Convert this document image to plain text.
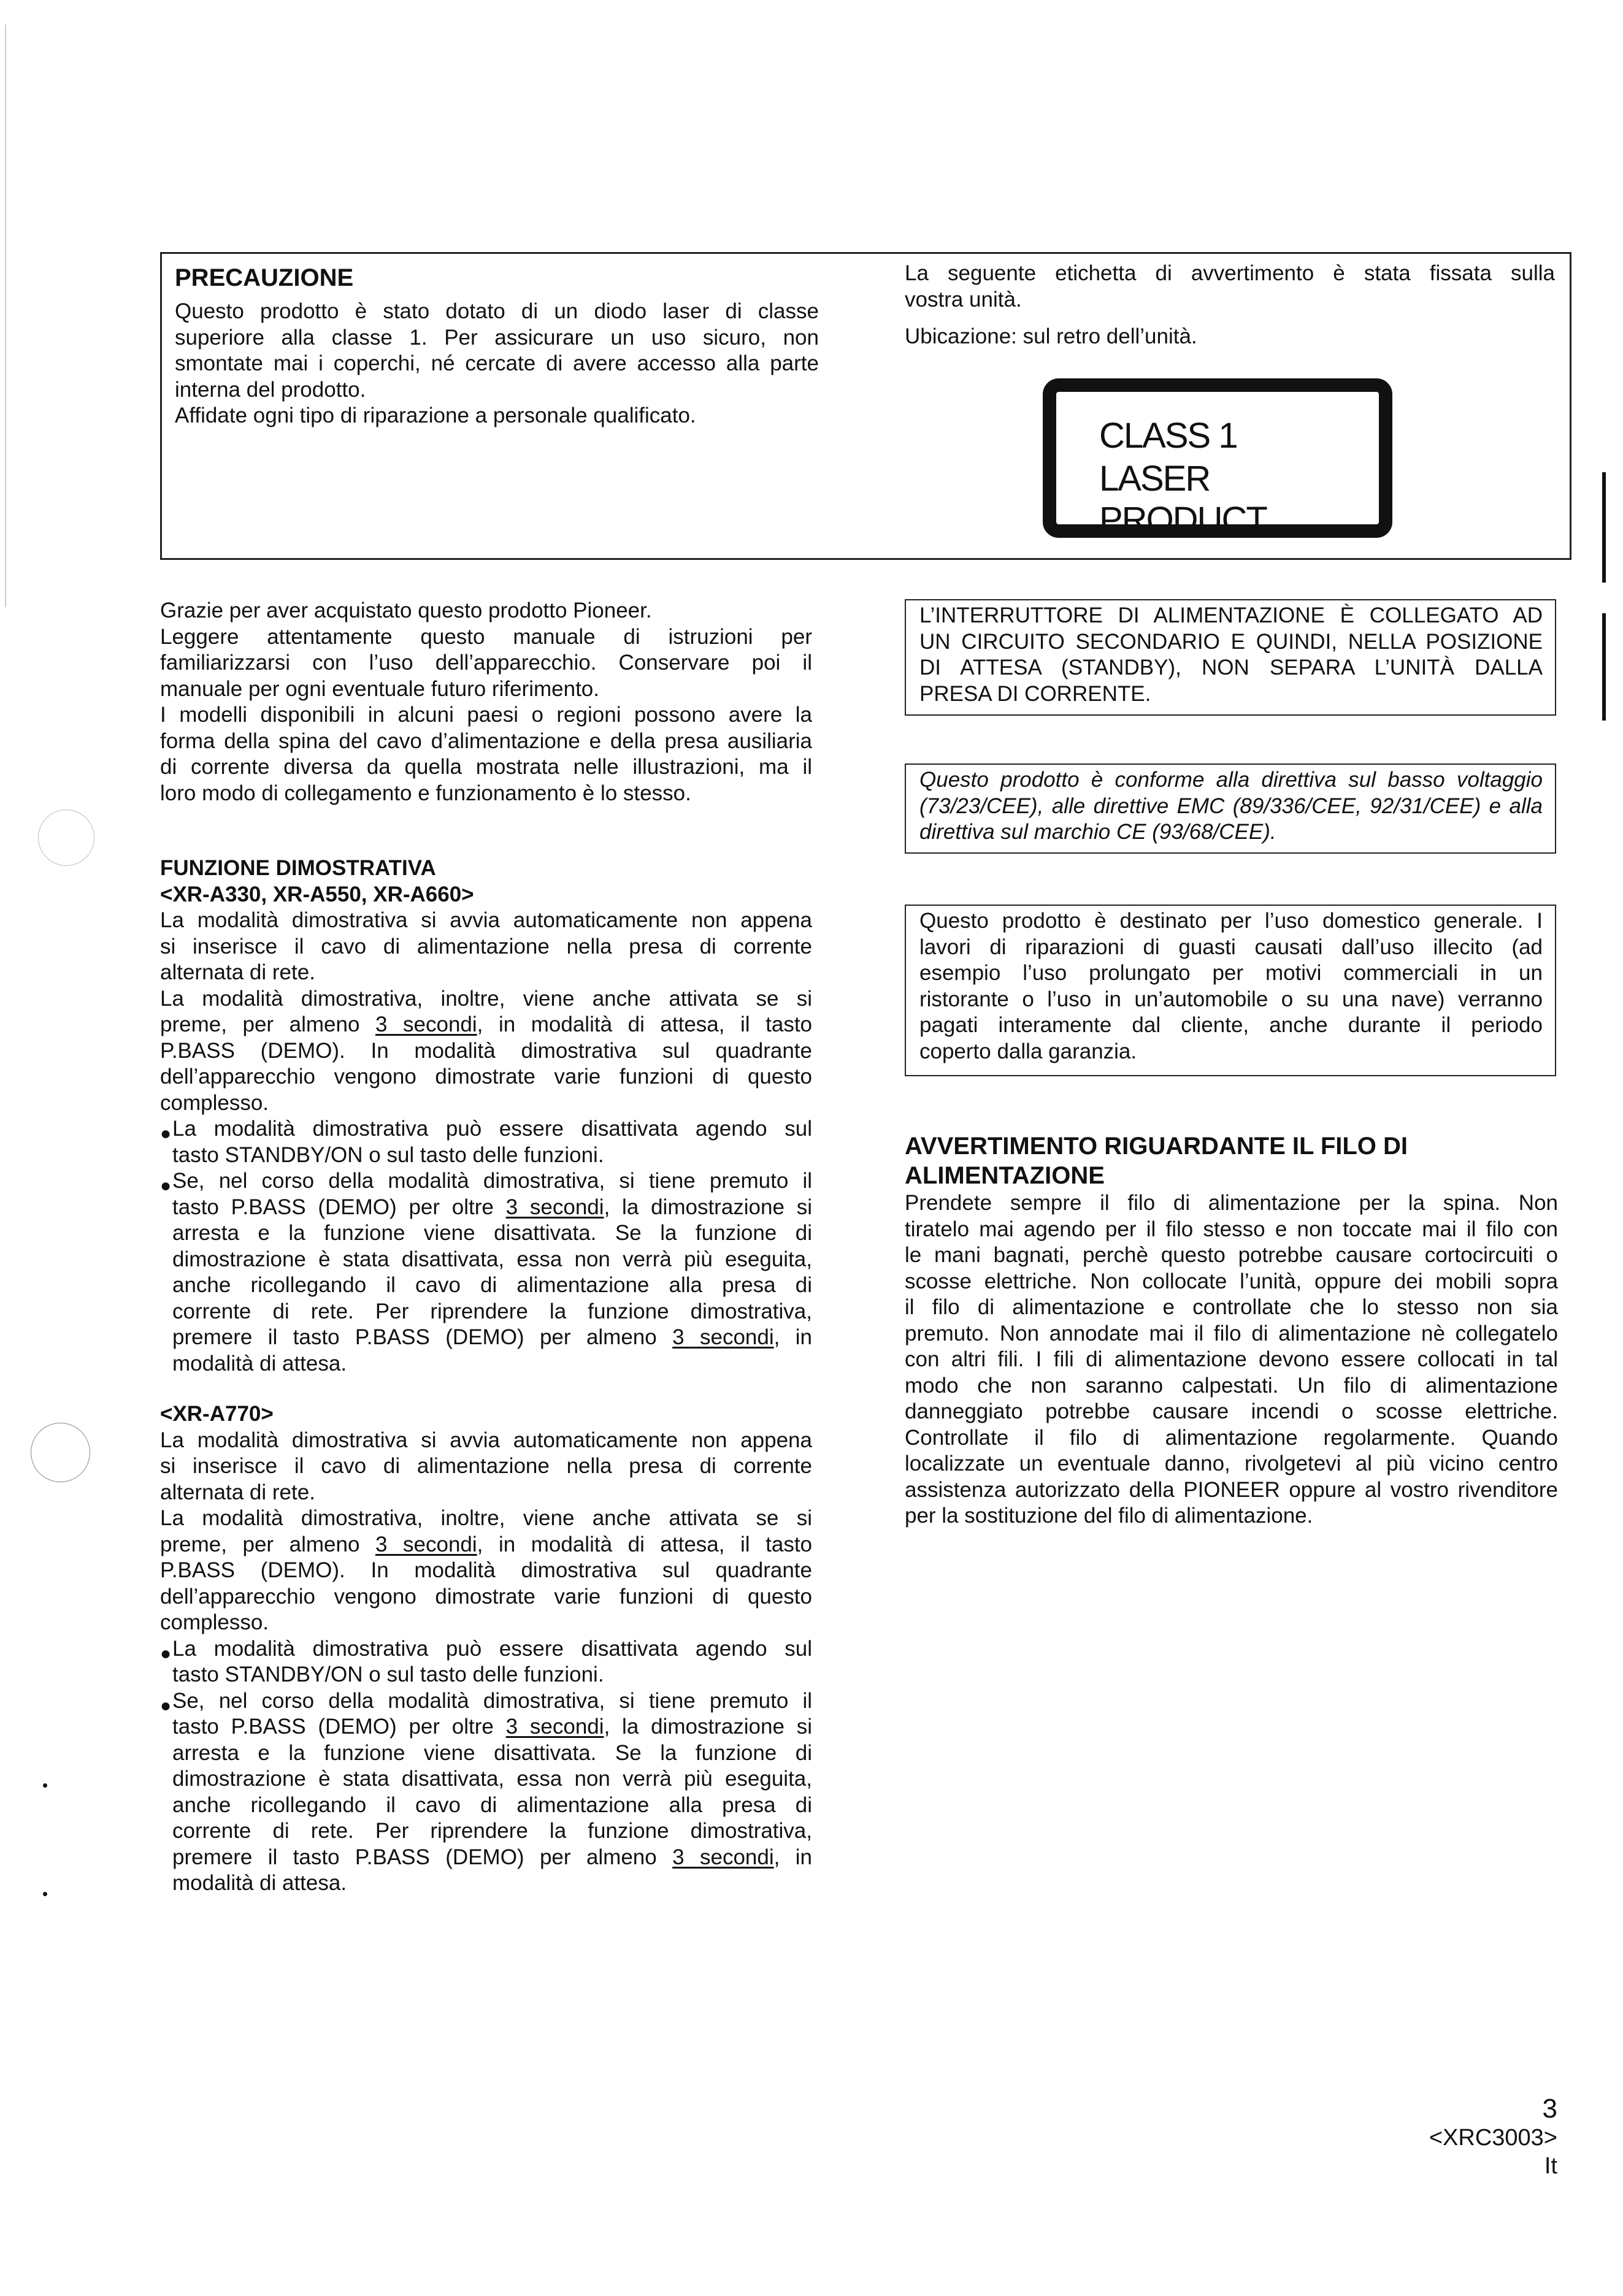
PRECAUZIONE
Questo prodotto è stato dotato di un diodo laser di classe
superiore alla classe 1. Per assicurare un uso sicuro, non
smontate mai i coperchi, né cercate di avere accesso alla parte
interna del prodotto.
Affidate ogni tipo di riparazione a personale qualificato.
La seguente etichetta di avvertimento è stata fissata sulla
vostra unità.
Ubicazione: sul retro dell’unità.
CLASS 1
LASER PRODUCT
Grazie per aver acquistato questo prodotto Pioneer.
Leggere attentamente questo manuale di istruzioni per
familiarizzarsi con l’uso dell’apparecchio. Conservare poi il
manuale per ogni eventuale futuro riferimento.
I modelli disponibili in alcuni paesi o regioni possono avere la
forma della spina del cavo d’alimentazione e della presa ausiliaria
di corrente diversa da quella mostrata nelle illustrazioni, ma il
loro modo di collegamento e funzionamento è lo stesso.
FUNZIONE DIMOSTRATIVA
<XR-A330, XR-A550, XR-A660>
La modalità dimostrativa si avvia automaticamente non appena
si inserisce il cavo di alimentazione nella presa di corrente
alternata di rete.
La modalità dimostrativa, inoltre, viene anche attivata se si
preme, per almeno 3 secondi, in modalità di attesa, il tasto
P.BASS (DEMO). In modalità dimostrativa sul quadrante
dell’apparecchio vengono dimostrate varie funzioni di questo
complesso.
● La modalità dimostrativa può essere disattivata agendo sul
tasto STANDBY/ON o sul tasto delle funzioni.
● Se, nel corso della modalità dimostrativa, si tiene premuto il
tasto P.BASS (DEMO) per oltre 3 secondi, la dimostrazione si
arresta e la funzione viene disattivata. Se la funzione di
dimostrazione è stata disattivata, essa non verrà più eseguita,
anche ricollegando il cavo di alimentazione alla presa di
corrente di rete. Per riprendere la funzione dimostrativa,
premere il tasto P.BASS (DEMO) per almeno 3 secondi, in
modalità di attesa.
<XR-A770>
La modalità dimostrativa si avvia automaticamente non appena
si inserisce il cavo di alimentazione nella presa di corrente
alternata di rete.
La modalità dimostrativa, inoltre, viene anche attivata se si
preme, per almeno 3 secondi, in modalità di attesa, il tasto
P.BASS (DEMO). In modalità dimostrativa sul quadrante
dell’apparecchio vengono dimostrate varie funzioni di questo
complesso.
● La modalità dimostrativa può essere disattivata agendo sul
tasto STANDBY/ON o sul tasto delle funzioni.
● Se, nel corso della modalità dimostrativa, si tiene premuto il
tasto P.BASS (DEMO) per oltre 3 secondi, la dimostrazione si
arresta e la funzione viene disattivata. Se la funzione di
dimostrazione è stata disattivata, essa non verrà più eseguita,
anche ricollegando il cavo di alimentazione alla presa di
corrente di rete. Per riprendere la funzione dimostrativa,
premere il tasto P.BASS (DEMO) per almeno 3 secondi, in
modalità di attesa.
L’INTERRUTTORE DI ALIMENTAZIONE È COLLEGATO AD
UN CIRCUITO SECONDARIO E QUINDI, NELLA POSIZIONE
DI ATTESA (STANDBY), NON SEPARA L’UNITÀ DALLA
PRESA DI CORRENTE.
Questo prodotto è conforme alla direttiva sul basso voltaggio
(73/23/CEE), alle direttive EMC (89/336/CEE, 92/31/CEE) e alla
direttiva sul marchio CE (93/68/CEE).
Questo prodotto è destinato per l’uso domestico generale. I
lavori di riparazioni di guasti causati dall’uso illecito (ad
esempio l’uso prolungato per motivi commerciali in un
ristorante o l’uso in un’automobile o su una nave) verranno
pagati interamente dal cliente, anche durante il periodo
coperto dalla garanzia.
AVVERTIMENTO RIGUARDANTE IL FILO DI
ALIMENTAZIONE
Prendete sempre il filo di alimentazione per la spina. Non
tiratelo mai agendo per il filo stesso e non toccate mai il filo con
le mani bagnati, perchè questo potrebbe causare cortocircuiti o
scosse elettriche. Non collocate l’unità, oppure dei mobili sopra
il filo di alimentazione e controllate che lo stesso non sia
premuto. Non annodate mai il filo di alimentazione nè collegatelo
con altri fili. I fili di alimentazione devono essere collocati in tal
modo che non saranno calpestati. Un filo di alimentazione
danneggiato potrebbe causare incendi o scosse elettriche.
Controllate il filo di alimentazione regolarmente. Quando
localizzate un eventuale danno, rivolgetevi al più vicino centro
assistenza autorizzato della PIONEER oppure al vostro rivenditore
per la sostituzione del filo di alimentazione.
3
<XRC3003>
It
